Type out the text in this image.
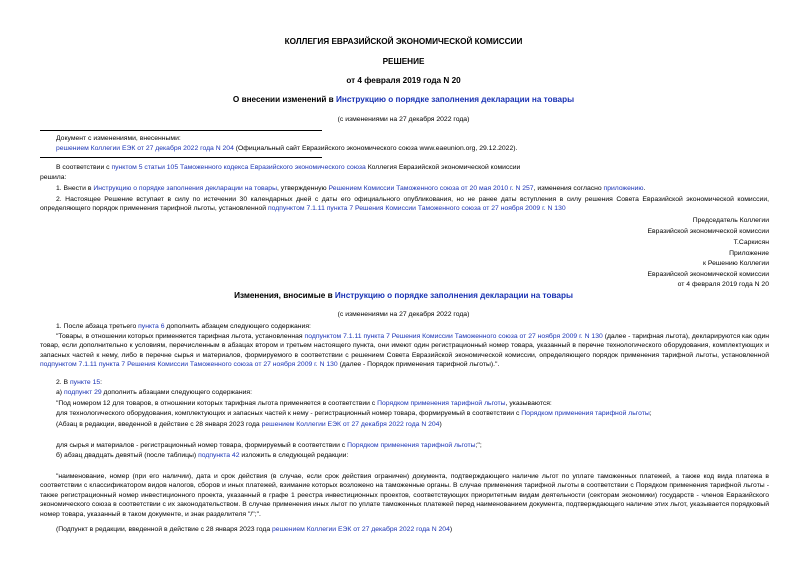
КОЛЛЕГИЯ ЕВРАЗИЙСКОЙ ЭКОНОМИЧЕСКОЙ КОМИССИИ
РЕШЕНИЕ
от 4 февраля 2019 года N 20
О внесении изменений в Инструкцию о порядке заполнения декларации на товары
(с изменениями на 27 декабря 2022 года)
Документ с изменениями, внесенными:
решением Коллегии ЕЭК от 27 декабря 2022 года N 204 (Официальный сайт Евразийского экономического союза www.eaeunion.org, 29.12.2022).
В соответствии с пунктом 5 статьи 105 Таможенного кодекса Евразийского экономического союза Коллегия Евразийской экономической комиссии
решила:
1. Внести в Инструкцию о порядке заполнения декларации на товары, утвержденную Решением Комиссии Таможенного союза от 20 мая 2010 г. N 257, изменения согласно приложению.
2. Настоящее Решение вступает в силу по истечении 30 календарных дней с даты его официального опубликования, но не ранее даты вступления в силу решения Совета Евразийской экономической комиссии, определяющего порядок применения тарифной льготы, установленной подпунктом 7.1.11 пункта 7 Решения Комиссии Таможенного союза от 27 ноября 2009 г. N 130
Председатель Коллегии
Евразийской экономической комиссии
Т.Саркисян
Приложение
к Решению Коллегии
Евразийской экономической комиссии
от 4 февраля 2019 года N 20
Изменения, вносимые в Инструкцию о порядке заполнения декларации на товары
(с изменениями на 27 декабря 2022 года)
1. После абзаца третьего пункта 6 дополнить абзацем следующего содержания:
"Товары, в отношении которых применяется тарифная льгота, установленная подпунктом 7.1.11 пункта 7 Решения Комиссии Таможенного союза от 27 ноября 2009 г. N 130 (далее - тарифная льгота), декларируются как один товар, если дополнительно к условиям, перечисленным в абзацах втором и третьем настоящего пункта, они имеют один регистрационный номер товара, указанный в перечне технологического оборудования, комплектующих и запасных частей к нему, либо в перечне сырья и материалов, формируемого в соответствии с решением Совета Евразийской экономической комиссии, определяющего порядок применения тарифной льготы, установленной подпунктом 7.1.11 пункта 7 Решения Комиссии Таможенного союза от 27 ноября 2009 г. N 130 (далее - Порядок применения тарифной льготы).".
2. В пункте 15:
а) подпункт 29 дополнить абзацами следующего содержания:
"Под номером 12 для товаров, в отношении которых тарифная льгота применяется в соответствии с Порядком применения тарифной льготы, указываются:
для технологического оборудования, комплектующих и запасных частей к нему - регистрационный номер товара, формируемый в соответствии с Порядком применения тарифной льготы;
(Абзац в редакции, введенной в действие с 28 января 2023 года решением Коллегии ЕЭК от 27 декабря 2022 года N 204)
для сырья и материалов - регистрационный номер товара, формируемый в соответствии с Порядком применения тарифной льготы;";
б) абзац двадцать девятый (после таблицы) подпункта 42 изложить в следующей редакции:
"наименование, номер (при его наличии), дата и срок действия (в случае, если срок действия ограничен) документа, подтверждающего наличие льгот по уплате таможенных платежей, а также код вида платежа в соответствии с классификатором видов налогов, сборов и иных платежей, взимание которых возложено на таможенные органы. В случае применения тарифной льготы в соответствии с Порядком применения тарифной льготы - также регистрационный номер инвестиционного проекта, указанный в графе 1 реестра инвестиционных проектов, соответствующих приоритетным видам деятельности (секторам экономики) государств - членов Евразийского экономического союза в соответствии с их законодательством. В случае применения иных льгот по уплате таможенных платежей перед наименованием документа, подтверждающего наличие этих льгот, указывается порядковый номер товара, указанный в таком документе, и знак разделителя "/";".
(Подпункт в редакции, введенной в действие с 28 января 2023 года решением Коллегии ЕЭК от 27 декабря 2022 года N 204)
